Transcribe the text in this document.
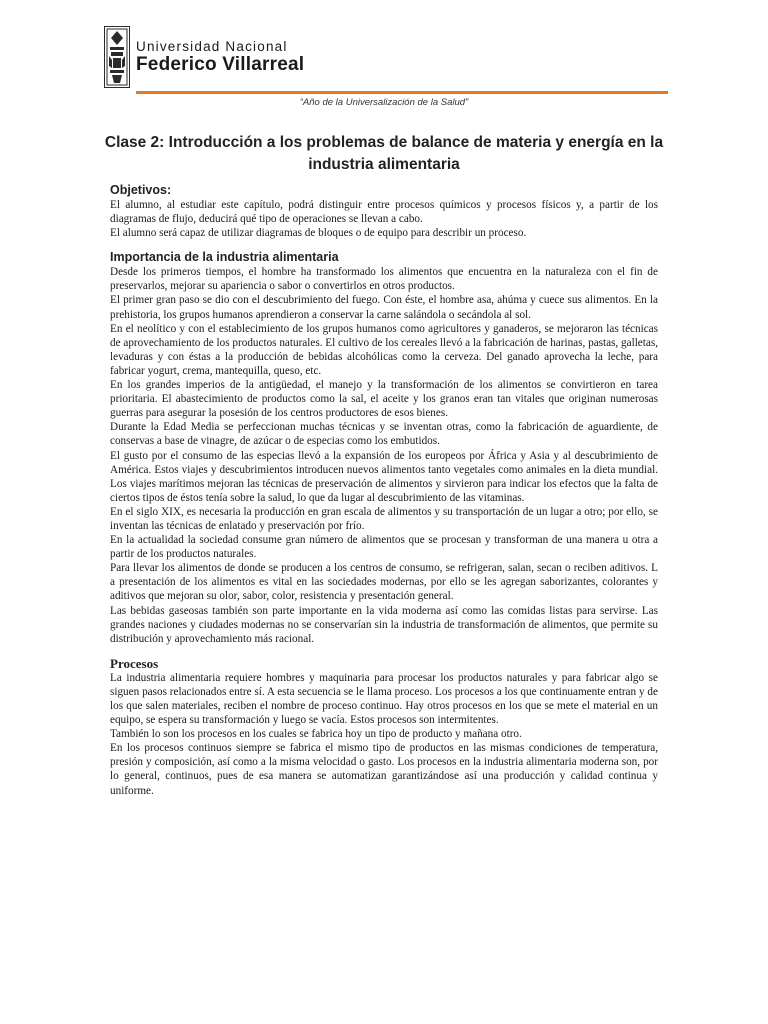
Universidad Nacional
Federico Villarreal
“Año de la Universalización de la Salud”
Clase 2: Introducción a los problemas de balance de materia y energía en la industria alimentaria
Objetivos:

El alumno, al estudiar este capítulo, podrá distinguir entre procesos químicos y procesos físicos y, a partir de los diagramas de flujo, deducirá qué tipo de operaciones se llevan a cabo.

El alumno será capaz de utilizar diagramas de bloques o de equipo para describir un proceso.

Importancia de la industria alimentaria

Desde los primeros tiempos, el hombre ha transformado los alimentos que encuentra en la naturaleza con el fin de preservarlos, mejorar su apariencia o sabor o convertirlos en otros productos.

El primer gran paso se dio con el descubrimiento del fuego. Con éste, el hombre asa, ahúma y cuece sus alimentos. En la prehistoria, los grupos humanos aprendieron a conservar la carne salándola o secándola al sol.

En el neolítico y con el establecimiento de los grupos humanos como agricultores y ganaderos, se mejoraron las técnicas de aprovechamiento de los productos naturales. El cultivo de los cereales llevó a la fabricación de harinas, pastas, galletas, levaduras y con éstas a la producción de bebidas alcohólicas como la cerveza. Del ganado aprovecha la leche, para fabricar yogurt, crema, mantequilla, queso, etc.

En los grandes imperios de la antigüedad, el manejo y la transformación de los alimentos se convirtieron en tarea prioritaria. El abastecimiento de productos como la sal, el aceite y los granos eran tan vitales que originan numerosas guerras para asegurar la posesión de los centros productores de esos bienes.

Durante la Edad Media se perfeccionan muchas técnicas y se inventan otras, como la fabricación de aguardiente, de conservas a base de vinagre, de azúcar o de especias como los embutidos.

El gusto por el consumo de las especias llevó a la expansión de los europeos por África y Asia y al descubrimiento de América. Estos viajes y descubrimientos introducen nuevos alimentos tanto vegetales como animales en la dieta mundial. Los viajes marítimos mejoran las técnicas de preservación de alimentos y sirvieron para indicar los efectos que la falta de ciertos tipos de éstos tenía sobre la salud, lo que da lugar al descubrimiento de las vitaminas.

En el siglo XIX, es necesaria la producción en gran escala de alimentos y su transportación de un lugar a otro; por ello, se inventan las técnicas de enlatado y preservación por frío.

En la actualidad la sociedad consume gran número de alimentos que se procesan y transforman de una manera u otra a partir de los productos naturales.

Para llevar los alimentos de donde se producen a los centros de consumo, se refrigeran, salan, secan o reciben aditivos. L a presentación de los alimentos es vital en las sociedades modernas, por ello se les agregan saborizantes, colorantes y aditivos que mejoran su olor, sabor, color, resistencia y presentación general.

Las bebidas gaseosas también son parte importante en la vida moderna así como las comidas listas para servirse. Las grandes naciones y ciudades modernas no se conservarían sin la industria de transformación de alimentos, que permite su distribución y aprovechamiento más racional.

Procesos

La industria alimentaria requiere hombres y maquinaria para procesar los productos naturales y para fabricar algo se siguen pasos relacionados entre sí. A esta secuencia se le llama proceso. Los procesos a los que continuamente entran y de los que salen materiales, reciben el nombre de proceso continuo. Hay otros procesos en los que se mete el material en un equipo, se espera su transformación y luego se vacía. Estos procesos son intermitentes.

También lo son los procesos en los cuales se fabrica hoy un tipo de producto y mañana otro.

En los procesos continuos siempre se fabrica el mismo tipo de productos en las mismas condiciones de temperatura, presión y composición, así como a la misma velocidad o gasto. Los procesos en la industria alimentaria moderna son, por lo general, continuos, pues de esa manera se automatizan garantizándose así una producción y calidad continua y uniforme.
